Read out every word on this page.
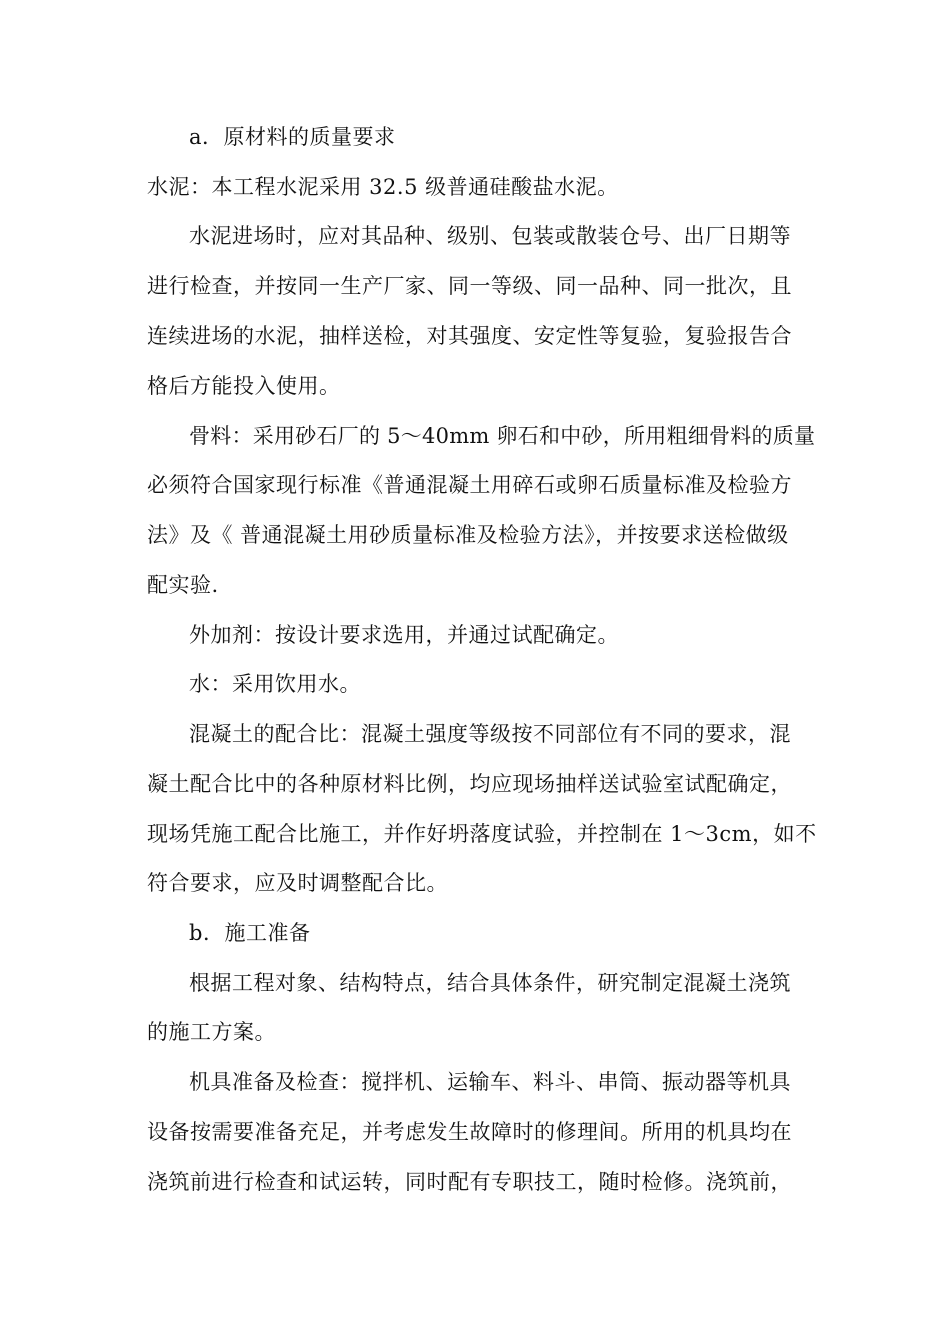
a．原材料的质量要求
水泥：本工程水泥采用 32.5 级普通硅酸盐水泥。
水泥进场时，应对其品种、级别、包装或散装仓号、出厂日期等
进行检查，并按同一生产厂家、同一等级、同一品种、同一批次，且
连续进场的水泥，抽样送检，对其强度、安定性等复验，复验报告合
格后方能投入使用。
骨料：采用砂石厂的 5～40mm 卵石和中砂，所用粗细骨料的质量
必须符合国家现行标准《普通混凝土用碎石或卵石质量标准及检验方
法》及《 普通混凝土用砂质量标准及检验方法》，并按要求送检做级
配实验.
外加剂：按设计要求选用，并通过试配确定。
水：采用饮用水。
混凝土的配合比：混凝土强度等级按不同部位有不同的要求，混
凝土配合比中的各种原材料比例，均应现场抽样送试验室试配确定，
现场凭施工配合比施工，并作好坍落度试验，并控制在 1～3cm，如不
符合要求，应及时调整配合比。
b．施工准备
根据工程对象、结构特点，结合具体条件，研究制定混凝土浇筑
的施工方案。
机具准备及检查：搅拌机、运输车、料斗、串筒、振动器等机具
设备按需要准备充足，并考虑发生故障时的修理间。所用的机具均在
浇筑前进行检查和试运转，同时配有专职技工，随时检修。浇筑前，
